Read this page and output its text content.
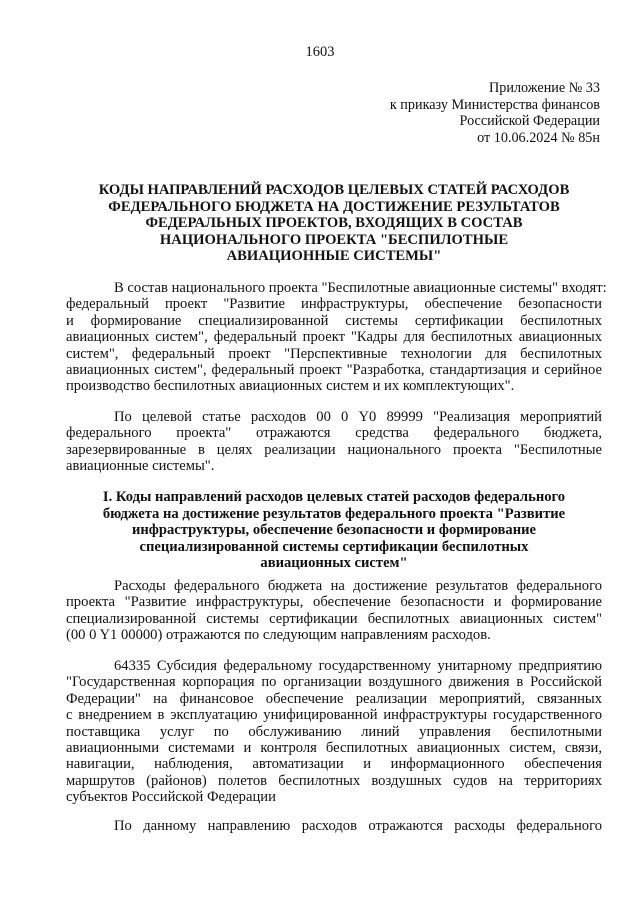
1603
Приложение № 33
к приказу Министерства финансов
Российской Федерации
от 10.06.2024 № 85н
КОДЫ НАПРАВЛЕНИЙ РАСХОДОВ ЦЕЛЕВЫХ СТАТЕЙ РАСХОДОВ
ФЕДЕРАЛЬНОГО БЮДЖЕТА НА ДОСТИЖЕНИЕ РЕЗУЛЬТАТОВ
ФЕДЕРАЛЬНЫХ ПРОЕКТОВ, ВХОДЯЩИХ В СОСТАВ
НАЦИОНАЛЬНОГО ПРОЕКТА "БЕСПИЛОТНЫЕ
АВИАЦИОННЫЕ СИСТЕМЫ"
В состав национального проекта "Беспилотные авиационные системы" входят:
федеральный проект "Развитие инфраструктуры, обеспечение безопасности
и формирование специализированной системы сертификации беспилотных
авиационных систем", федеральный проект "Кадры для беспилотных авиационных
систем", федеральный проект "Перспективные технологии для беспилотных
авиационных систем", федеральный проект "Разработка, стандартизация и серийное
производство беспилотных авиационных систем и их комплектующих".
По целевой статье расходов 00 0 Y0 89999 "Реализация мероприятий
федерального проекта" отражаются средства федерального бюджета,
зарезервированные в целях реализации национального проекта "Беспилотные
авиационные системы".
I. Коды направлений расходов целевых статей расходов федерального
бюджета на достижение результатов федерального проекта "Развитие
инфраструктуры, обеспечение безопасности и формирование
специализированной системы сертификации беспилотных
авиационных систем"
Расходы федерального бюджета на достижение результатов федерального
проекта "Развитие инфраструктуры, обеспечение безопасности и формирование
специализированной системы сертификации беспилотных авиационных систем"
(00 0 Y1 00000) отражаются по следующим направлениям расходов.
64335 Субсидия федеральному государственному унитарному предприятию
"Государственная корпорация по организации воздушного движения в Российской
Федерации" на финансовое обеспечение реализации мероприятий, связанных
с внедрением в эксплуатацию унифицированной инфраструктуры государственного
поставщика услуг по обслуживанию линий управления беспилотными
авиационными системами и контроля беспилотных авиационных систем, связи,
навигации, наблюдения, автоматизации и информационного обеспечения
маршрутов (районов) полетов беспилотных воздушных судов на территориях
субъектов Российской Федерации
По данному направлению расходов отражаются расходы федерального
